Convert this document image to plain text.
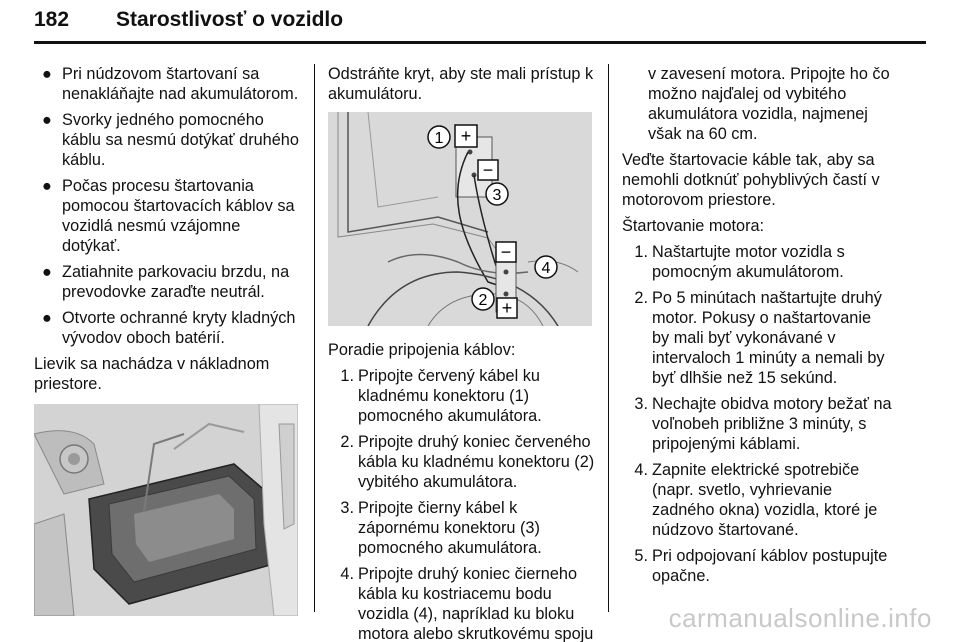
182 Starostlivosť o vozidlo
● Pri núdzovom štartovaní sa nenakláňajte nad akumulátorom.
● Svorky jedného pomocného káblu sa nesmú dotýkať druhého káblu.
● Počas procesu štartovania pomocou štartovacích káblov sa vozidlá nesmú vzájomne dotýkať.
● Zatiahnite parkovaciu brzdu, na prevodovke zaraďte neutrál.
● Otvorte ochranné kryty kladných vývodov oboch batérií.

Lievik sa nachádza v nákladnom priestore.

Odstráňte kryt, aby ste mali prístup k akumulátoru.

1 +
−
3
−
4
2 +

Poradie pripojenia káblov:

1. Pripojte červený kábel ku kladnému konektoru (1) pomocného akumulátora.
2. Pripojte druhý koniec červeného kábla ku kladnému konektoru (2) vybitého akumulátora.
3. Pripojte čierny kábel k zápornému konektoru (3) pomocného akumulátora.
4. Pripojte druhý koniec čierneho kábla ku kostriacemu bodu vozidla (4), napríklad ku bloku motora alebo skrutkovému spoju

v zavesení motora. Pripojte ho čo možno najďalej od vybitého akumulátora vozidla, najmenej však na 60 cm.

Veďte štartovacie káble tak, aby sa nemohli dotknúť pohyblivých častí v motorovom priestore.

Štartovanie motora:

1. Naštartujte motor vozidla s pomocným akumulátorom.
2. Po 5 minútach naštartujte druhý motor. Pokusy o naštartovanie by mali byť vykonávané v intervaloch 1 minúty a nemali by byť dlhšie než 15 sekúnd.
3. Nechajte obidva motory bežať na voľnobeh približne 3 minúty, s pripojenými káblami.
4. Zapnite elektrické spotrebiče (napr. svetlo, vyhrievanie zadného okna) vozidla, ktoré je núdzovo štartované.
5. Pri odpojovaní káblov postupujte opačne.
carmanualsonline.info
